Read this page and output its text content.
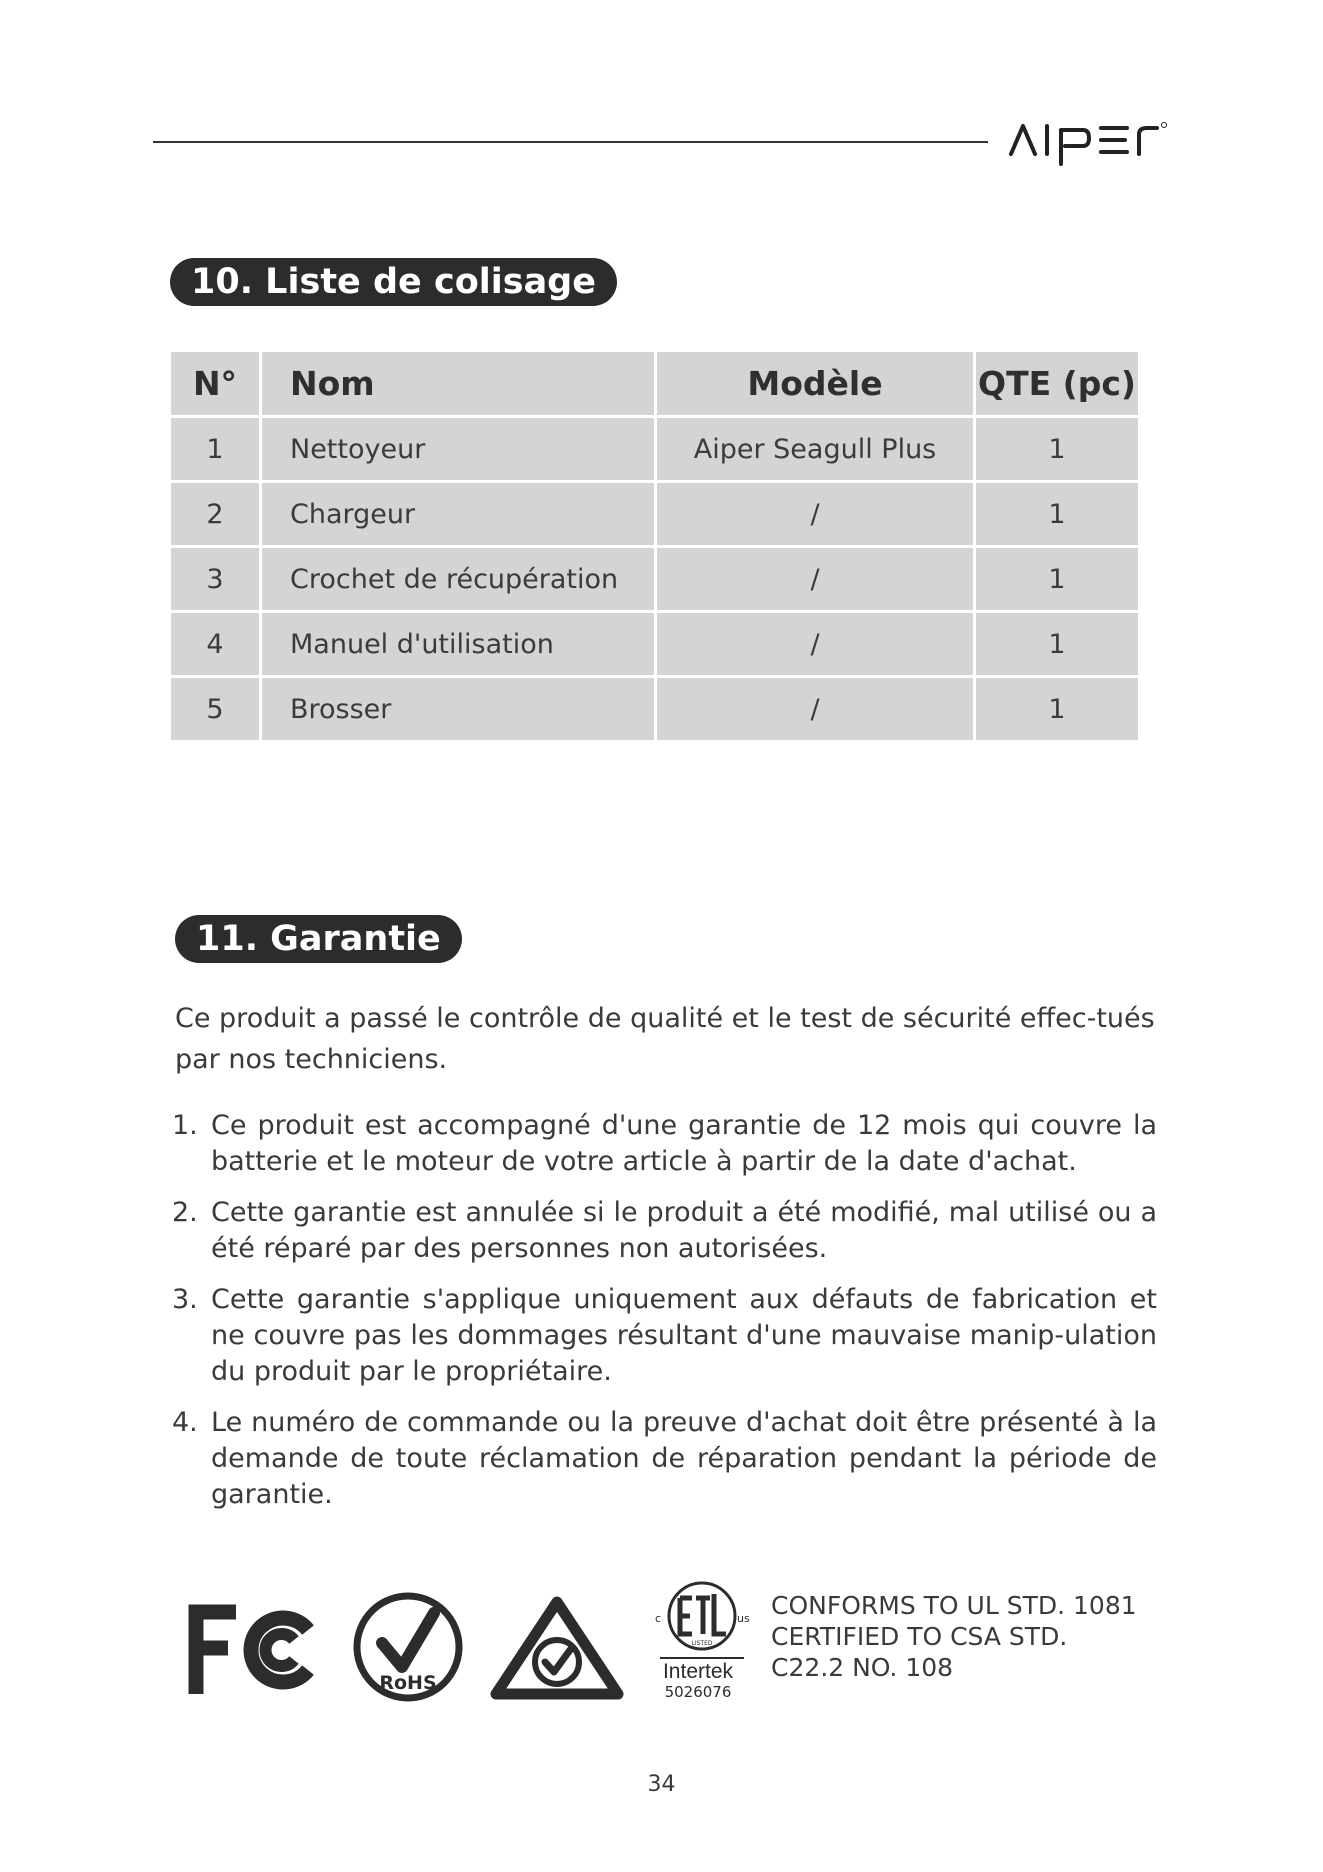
10. Liste de colisage
N°	Nom	Modèle	QTE (pc)
1	Nettoyeur	Aiper Seagull Plus	1
2	Chargeur	/	1
3	Crochet de récupération	/	1
4	Manuel d'utilisation	/	1
5	Brosser	/	1
11. Garantie

Ce produit a passé le contrôle de qualité et le test de sécurité effec-tués par nos techniciens.

1. Ce produit est accompagné d'une garantie de 12 mois qui couvre la batterie et le moteur de votre article à partir de la date d'achat.
2. Cette garantie est annulée si le produit a été modifié, mal utilisé ou a été réparé par des personnes non autorisées.
3. Cette garantie s'applique uniquement aux défauts de fabrication et ne couvre pas les dommages résultant d'une mauvaise manip-ulation du produit par le propriétaire.
4. Le numéro de commande ou la preuve d'achat doit être présenté à la demande de toute réclamation de réparation pendant la période de garantie.
RoHS
c	us
LISTED
Intertek
5026076
CONFORMS TO UL STD. 1081
CERTIFIED TO CSA STD.
C22.2 NO. 108
34
